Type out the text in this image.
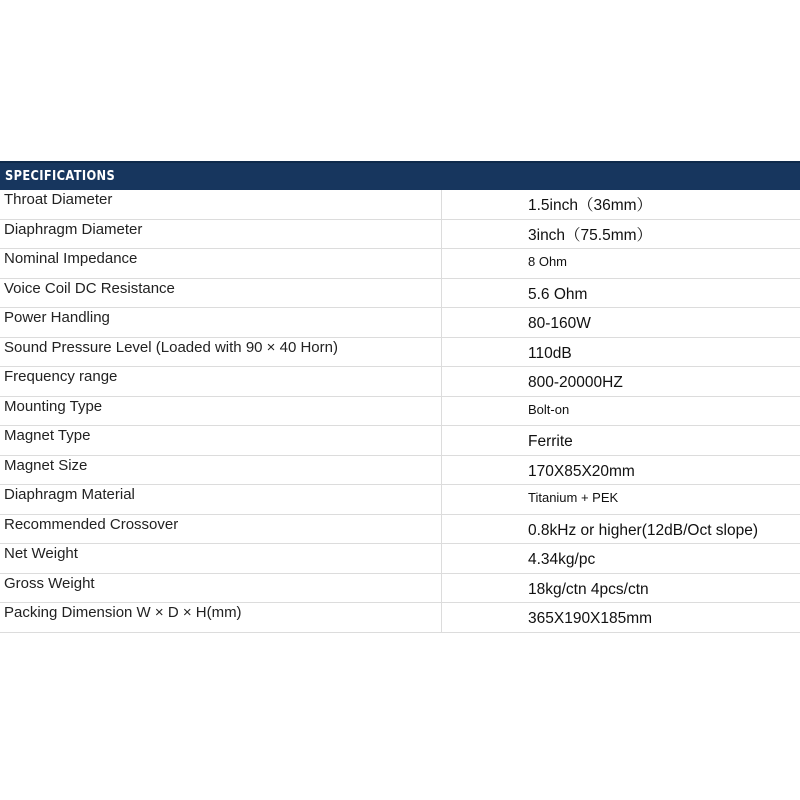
SPECIFICATIONS
Throat Diameter	1.5inch（36mm）
Diaphragm Diameter	3inch（75.5mm）
Nominal Impedance	8 Ohm
Voice Coil DC Resistance	5.6 Ohm
Power Handling	80-160W
Sound Pressure Level (Loaded with 90 × 40 Horn)	110dB
Frequency range	800-20000HZ
Mounting Type	Bolt-on
Magnet Type	Ferrite
Magnet Size	170X85X20mm
Diaphragm Material	Titanium + PEK
Recommended Crossover	0.8kHz or higher(12dB/Oct slope)
Net Weight	4.34kg/pc
Gross Weight	18kg/ctn 4pcs/ctn
Packing Dimension W × D × H(mm)	365X190X185mm
